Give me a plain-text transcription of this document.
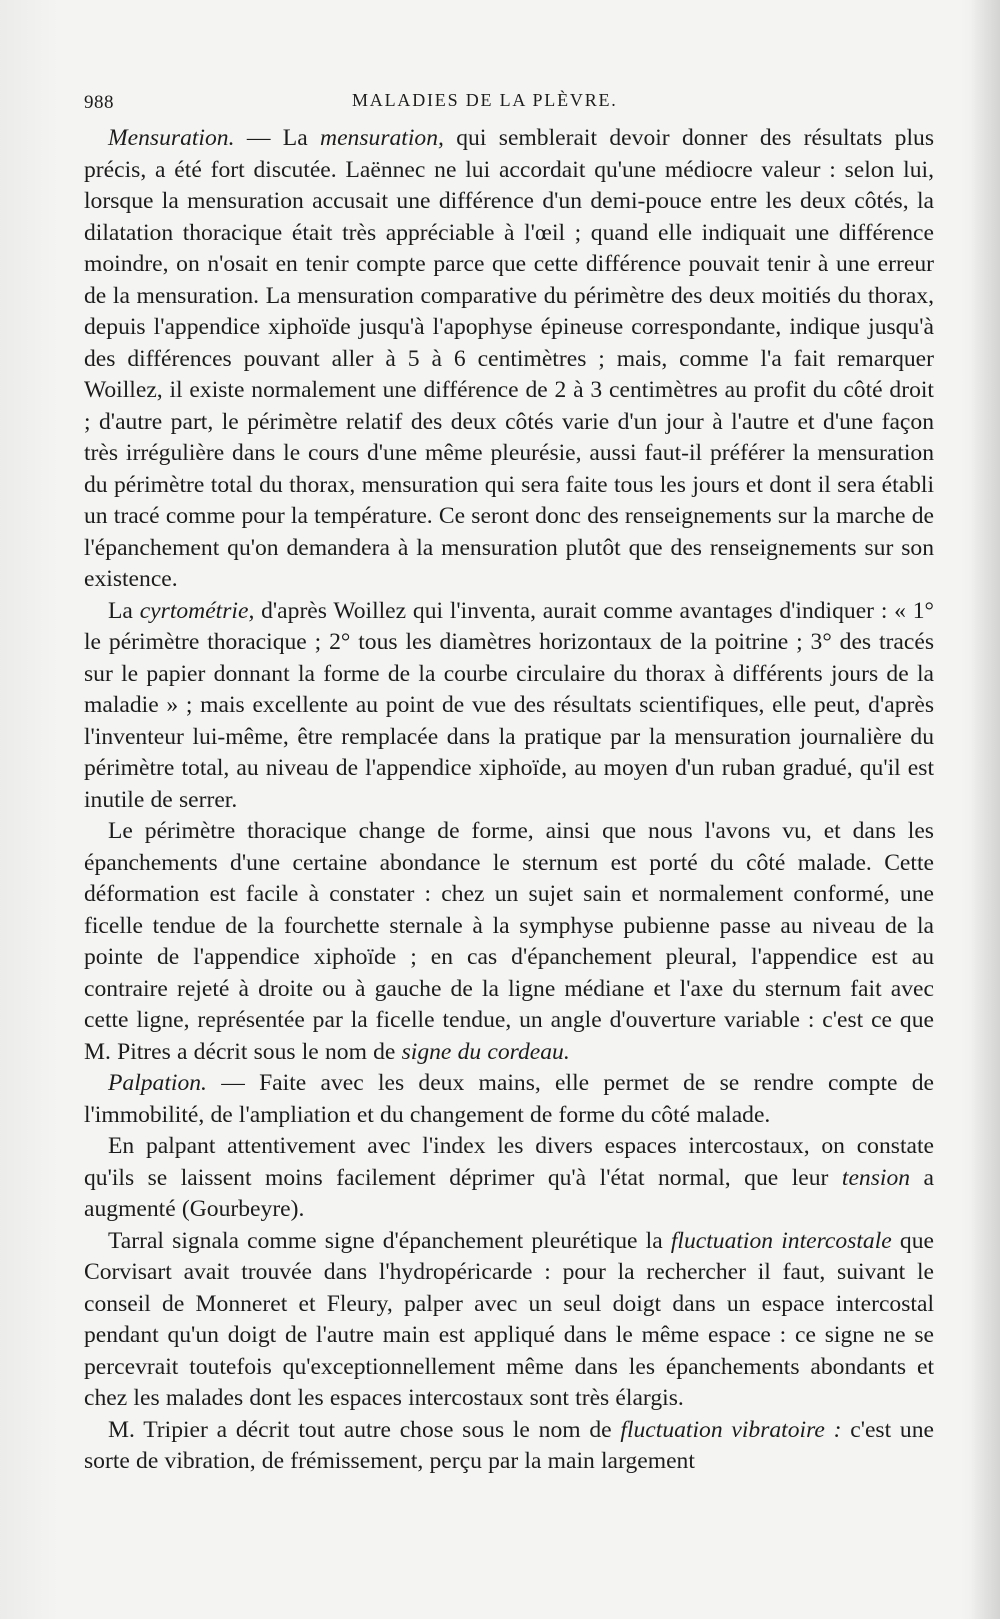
988	MALADIES DE LA PLÈVRE.

Mensuration. — La mensuration, qui semblerait devoir donner des résultats plus précis, a été fort discutée. Laënnec ne lui accordait qu'une médiocre valeur : selon lui, lorsque la mensuration accusait une différence d'un demi-pouce entre les deux côtés, la dilatation thoracique était très appréciable à l'œil ; quand elle indiquait une différence moindre, on n'osait en tenir compte parce que cette différence pouvait tenir à une erreur de la mensuration. La mensuration comparative du périmètre des deux moitiés du thorax, depuis l'appendice xiphoïde jusqu'à l'apophyse épineuse correspondante, indique jusqu'à des différences pouvant aller à 5 à 6 centimètres ; mais, comme l'a fait remarquer Woillez, il existe normalement une différence de 2 à 3 centimètres au profit du côté droit ; d'autre part, le périmètre relatif des deux côtés varie d'un jour à l'autre et d'une façon très irrégulière dans le cours d'une même pleurésie, aussi faut-il préférer la mensuration du périmètre total du thorax, mensuration qui sera faite tous les jours et dont il sera établi un tracé comme pour la température. Ce seront donc des renseignements sur la marche de l'épanchement qu'on demandera à la mensuration plutôt que des renseignements sur son existence.

La cyrtométrie, d'après Woillez qui l'inventa, aurait comme avantages d'indiquer : « 1° le périmètre thoracique ; 2° tous les diamètres horizontaux de la poitrine ; 3° des tracés sur le papier donnant la forme de la courbe circulaire du thorax à différents jours de la maladie » ; mais excellente au point de vue des résultats scientifiques, elle peut, d'après l'inventeur lui-même, être remplacée dans la pratique par la mensuration journalière du périmètre total, au niveau de l'appendice xiphoïde, au moyen d'un ruban gradué, qu'il est inutile de serrer.

Le périmètre thoracique change de forme, ainsi que nous l'avons vu, et dans les épanchements d'une certaine abondance le sternum est porté du côté malade. Cette déformation est facile à constater : chez un sujet sain et normalement conformé, une ficelle tendue de la fourchette sternale à la symphyse pubienne passe au niveau de la pointe de l'appendice xiphoïde ; en cas d'épanchement pleural, l'appendice est au contraire rejeté à droite ou à gauche de la ligne médiane et l'axe du sternum fait avec cette ligne, représentée par la ficelle tendue, un angle d'ouverture variable : c'est ce que M. Pitres a décrit sous le nom de signe du cordeau.

Palpation. — Faite avec les deux mains, elle permet de se rendre compte de l'immobilité, de l'ampliation et du changement de forme du côté malade.

En palpant attentivement avec l'index les divers espaces intercostaux, on constate qu'ils se laissent moins facilement déprimer qu'à l'état normal, que leur tension a augmenté (Gourbeyre).

Tarral signala comme signe d'épanchement pleurétique la fluctuation intercostale que Corvisart avait trouvée dans l'hydropéricarde : pour la rechercher il faut, suivant le conseil de Monneret et Fleury, palper avec un seul doigt dans un espace intercostal pendant qu'un doigt de l'autre main est appliqué dans le même espace : ce signe ne se percevrait toutefois qu'exceptionnellement même dans les épanchements abondants et chez les malades dont les espaces intercostaux sont très élargis.

M. Tripier a décrit tout autre chose sous le nom de fluctuation vibratoire : c'est une sorte de vibration, de frémissement, perçu par la main largement
